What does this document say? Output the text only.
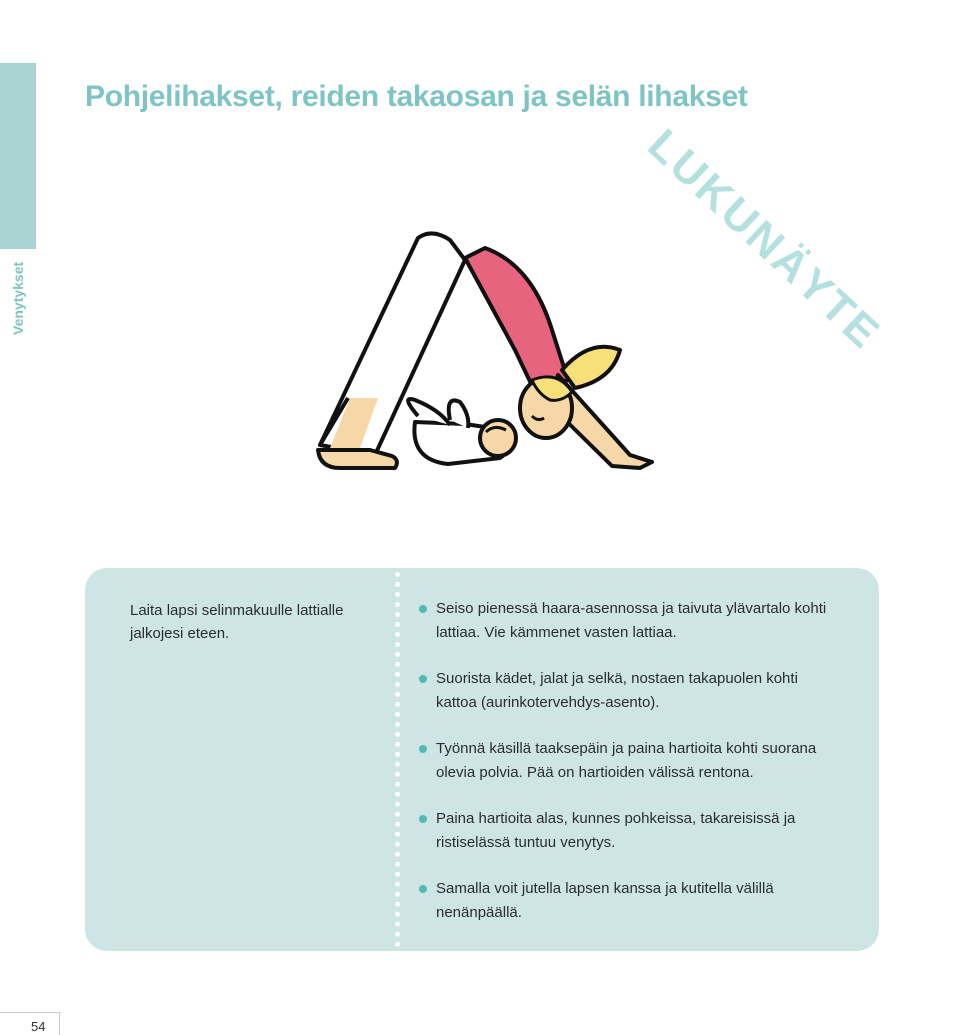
Venytykset
Pohjelihakset, reiden takaosan ja selän lihakset
LUKUNÄYTE
Laita lapsi selinmakuulle lattialle jalkojesi eteen.
Seiso pienessä haara-asennossa ja taivuta ylävartalo kohti lattiaa. Vie kämmenet vasten lattiaa.
Suorista kädet, jalat ja selkä, nostaen takapuolen kohti kattoa (aurinkotervehdys-asento).
Työnnä käsillä taaksepäin ja paina hartioita kohti suorana olevia polvia. Pää on hartioiden välissä rentona.
Paina hartioita alas, kunnes pohkeissa, takareisissä ja ristiselässä tuntuu venytys.
Samalla voit jutella lapsen kanssa ja kutitella välillä nenänpäällä.
54
